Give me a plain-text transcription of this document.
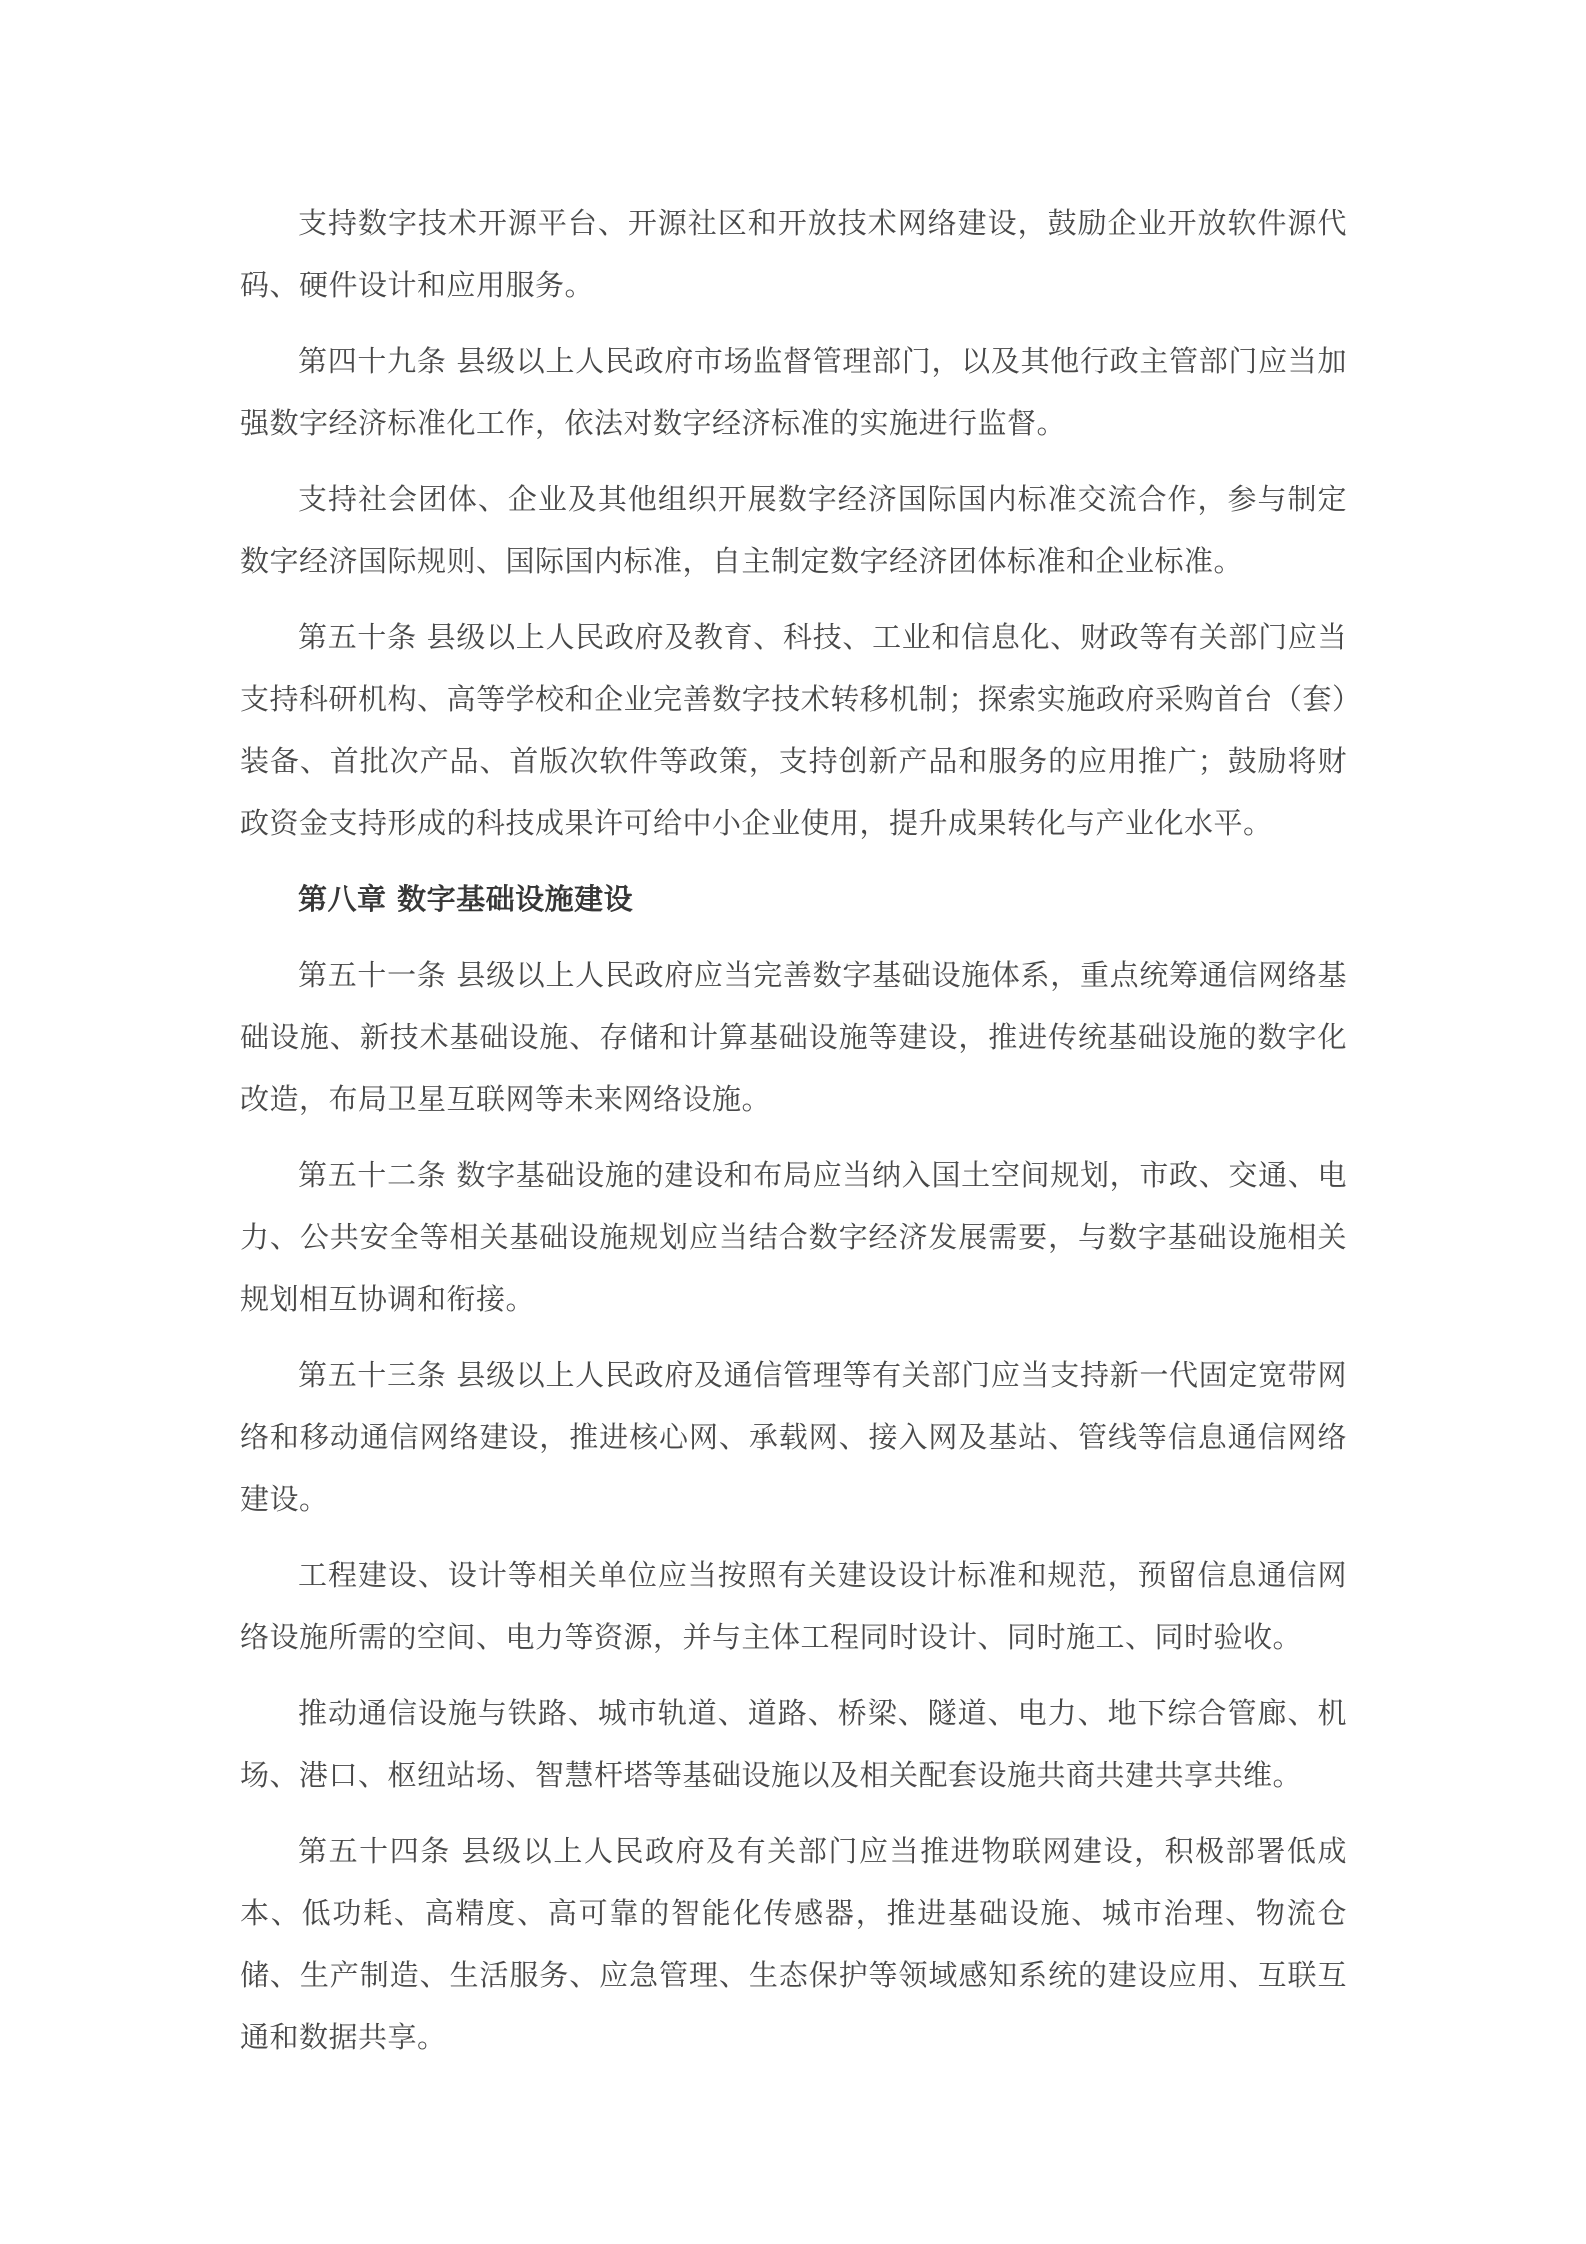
支持数字技术开源平台、开源社区和开放技术网络建设，鼓励企业开放软件源代码、硬件设计和应用服务。

第四十九条 县级以上人民政府市场监督管理部门，以及其他行政主管部门应当加强数字经济标准化工作，依法对数字经济标准的实施进行监督。

支持社会团体、企业及其他组织开展数字经济国际国内标准交流合作，参与制定数字经济国际规则、国际国内标准，自主制定数字经济团体标准和企业标准。

第五十条 县级以上人民政府及教育、科技、工业和信息化、财政等有关部门应当支持科研机构、高等学校和企业完善数字技术转移机制；探索实施政府采购首台（套）装备、首批次产品、首版次软件等政策，支持创新产品和服务的应用推广；鼓励将财政资金支持形成的科技成果许可给中小企业使用，提升成果转化与产业化水平。

第八章 数字基础设施建设

第五十一条 县级以上人民政府应当完善数字基础设施体系，重点统筹通信网络基础设施、新技术基础设施、存储和计算基础设施等建设，推进传统基础设施的数字化改造，布局卫星互联网等未来网络设施。

第五十二条 数字基础设施的建设和布局应当纳入国土空间规划，市政、交通、电力、公共安全等相关基础设施规划应当结合数字经济发展需要，与数字基础设施相关规划相互协调和衔接。

第五十三条 县级以上人民政府及通信管理等有关部门应当支持新一代固定宽带网络和移动通信网络建设，推进核心网、承载网、接入网及基站、管线等信息通信网络建设。

工程建设、设计等相关单位应当按照有关建设设计标准和规范，预留信息通信网络设施所需的空间、电力等资源，并与主体工程同时设计、同时施工、同时验收。

推动通信设施与铁路、城市轨道、道路、桥梁、隧道、电力、地下综合管廊、机场、港口、枢纽站场、智慧杆塔等基础设施以及相关配套设施共商共建共享共维。

第五十四条 县级以上人民政府及有关部门应当推进物联网建设，积极部署低成本、低功耗、高精度、高可靠的智能化传感器，推进基础设施、城市治理、物流仓储、生产制造、生活服务、应急管理、生态保护等领域感知系统的建设应用、互联互通和数据共享。
